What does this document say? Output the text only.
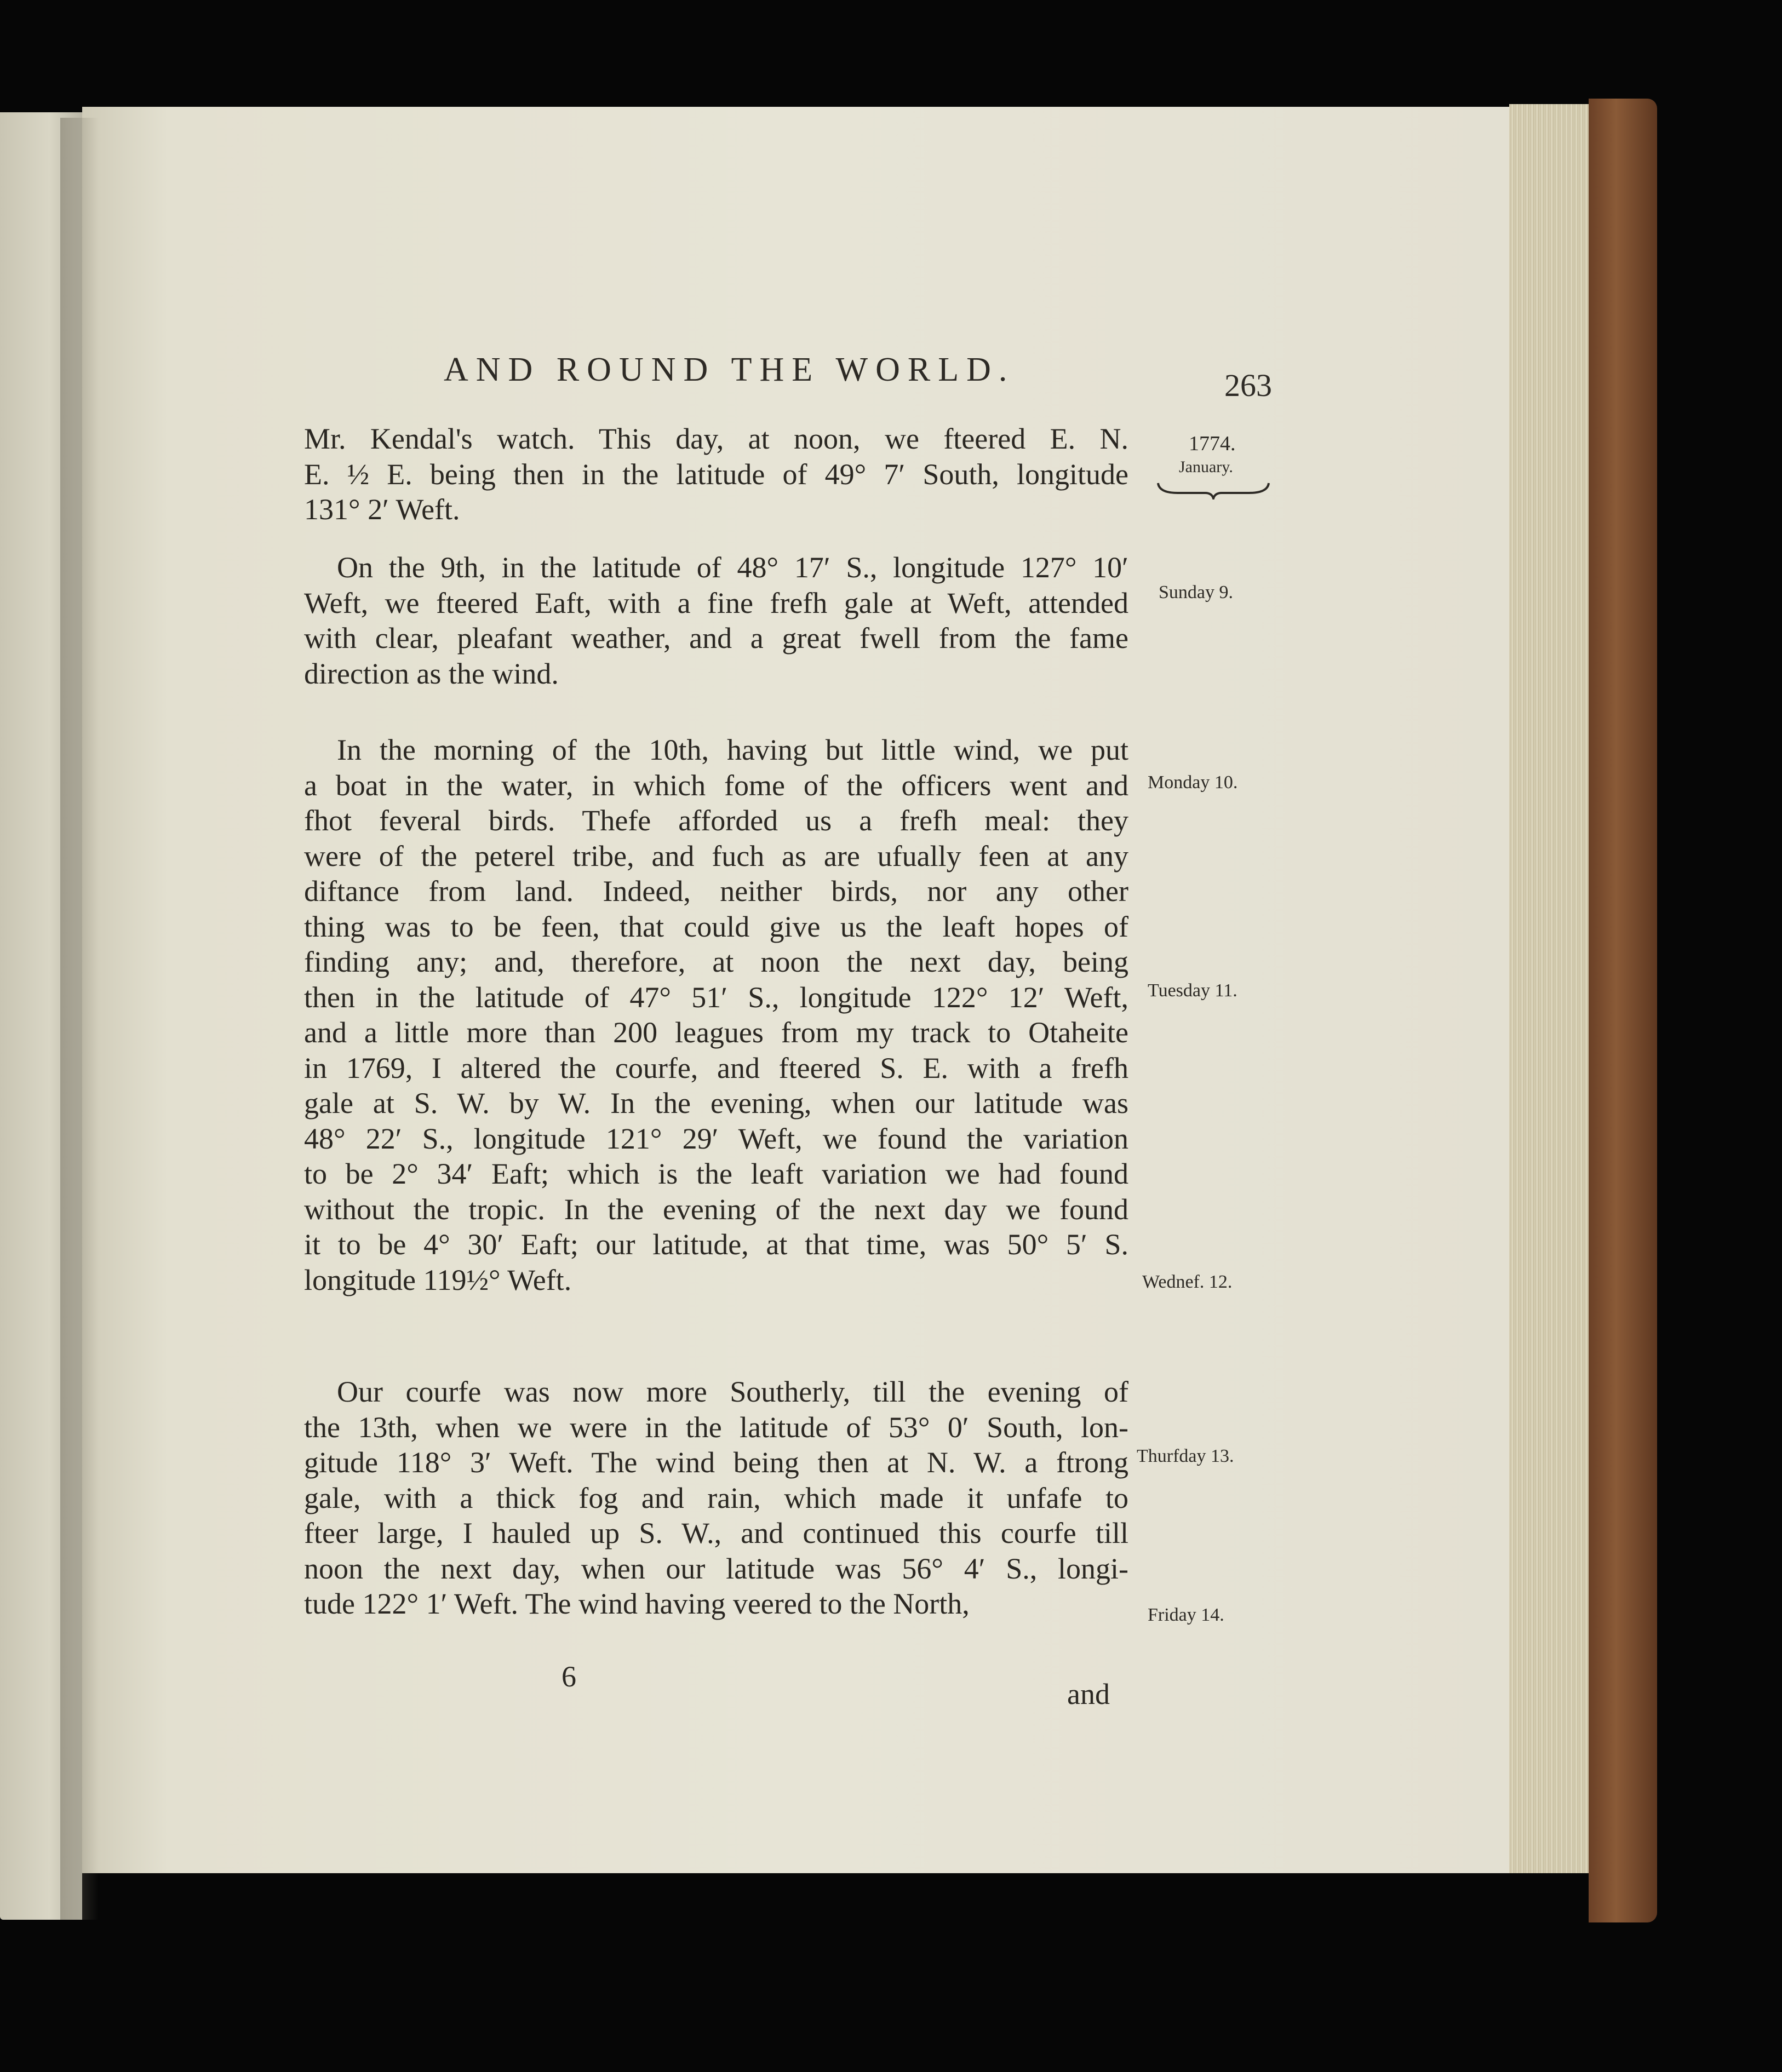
AND ROUND THE WORLD.	263
1774.
January.
Mr. Kendal's watch. This day, at noon, we fteered E. N.
E. ½ E. being then in the latitude of 49° 7′ South, longitude
131° 2′ Weft.
On the 9th, in the latitude of 48° 17′ S., longitude 127° 10′
Weft, we fteered Eaft, with a fine frefh gale at Weft, attended
with clear, pleafant weather, and a great fwell from the fame
direction as the wind.
In the morning of the 10th, having but little wind, we put
a boat in the water, in which fome of the officers went and
fhot feveral birds. Thefe afforded us a frefh meal: they
were of the peterel tribe, and fuch as are ufually feen at any
diftance from land. Indeed, neither birds, nor any other
thing was to be feen, that could give us the leaft hopes of
finding any; and, therefore, at noon the next day, being
then in the latitude of 47° 51′ S., longitude 122° 12′ Weft,
and a little more than 200 leagues from my track to Otaheite
in 1769, I altered the courfe, and fteered S. E. with a frefh
gale at S. W. by W. In the evening, when our latitude was
48° 22′ S., longitude 121° 29′ Weft, we found the variation
to be 2° 34′ Eaft; which is the leaft variation we had found
without the tropic. In the evening of the next day we found
it to be 4° 30′ Eaft; our latitude, at that time, was 50° 5′ S.
longitude 119½° Weft.
Our courfe was now more Southerly, till the evening of
the 13th, when we were in the latitude of 53° 0′ South, lon-
gitude 118° 3′ Weft. The wind being then at N. W. a ftrong
gale, with a thick fog and rain, which made it unfafe to
fteer large, I hauled up S. W., and continued this courfe till
noon the next day, when our latitude was 56° 4′ S., longi-
tude 122° 1′ Weft. The wind having veered to the North,
Sunday 9.
Monday 10.
Tuesday 11.
Wednef. 12.
Thurfday 13.
Friday 14.
6
and
